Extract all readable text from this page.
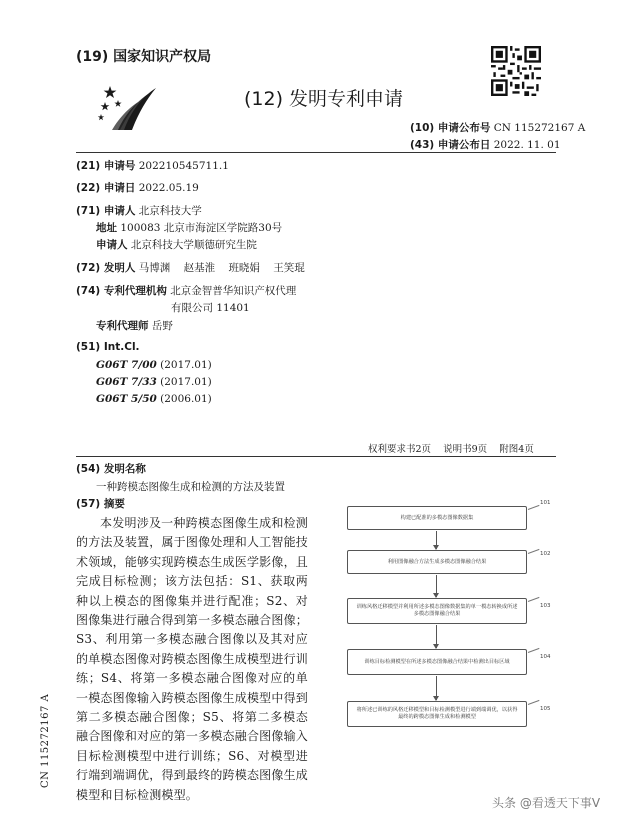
(19) 国家知识产权局
(12) 发明专利申请
(10) 申请公布号 CN 115272167 A
(43) 申请公布日 2022. 11. 01
(21) 申请号 202210545711.1
(22) 申请日 2022.05.19
(71) 申请人 北京科技大学
地址 100083 北京市海淀区学院路30号
申请人 北京科技大学顺德研究生院
(72) 发明人 马博渊 赵基淮 班晓娟 王笑琨
(74) 专利代理机构 北京金智普华知识产权代理
有限公司 11401
专利代理师 岳野
(51) Int.Cl.
G06T 7/00 (2017.01)
G06T 7/33 (2017.01)
G06T 5/50 (2006.01)
权利要求书2页 说明书9页 附图4页
(54) 发明名称
一种跨模态图像生成和检测的方法及装置
(57) 摘要
本发明涉及一种跨模态图像生成和检测的方法及装置，属于图像处理和人工智能技术领域，能够实现跨模态生成医学影像，且完成目标检测；该方法包括：S1、获取两种以上模态的图像集并进行配准；S2、对图像集进行融合得到第一多模态融合图像；S3、利用第一多模态融合图像以及其对应的单模态图像对跨模态图像生成模型进行训练；S4、将第一多模态融合图像对应的单一模态图像输入跨模态图像生成模型中得到第二多模态融合图像；S5、将第二多模态融合图像和对应的第一多模态融合图像输入目标检测模型中进行训练；S6、对模型进行端到端调优，得到最终的跨模态图像生成模型和目标检测模型。
构建已配准的多模态图像数据集
101
利用图像融合方法生成多模态图像融合结果
102
训练风格迁移模型并利用所述多模态图像数据集的单一模态转换成所述多模态图像融合结果
103
训练目标检测模型在所述多模态图像融合结果中检测出目标区域
104
将所述已训练的风格迁移模型和目标检测模型进行端到端调优，以获得最终的跨模态图像生成和检测模型
105
CN 115272167 A
头条 @看透天下事V
